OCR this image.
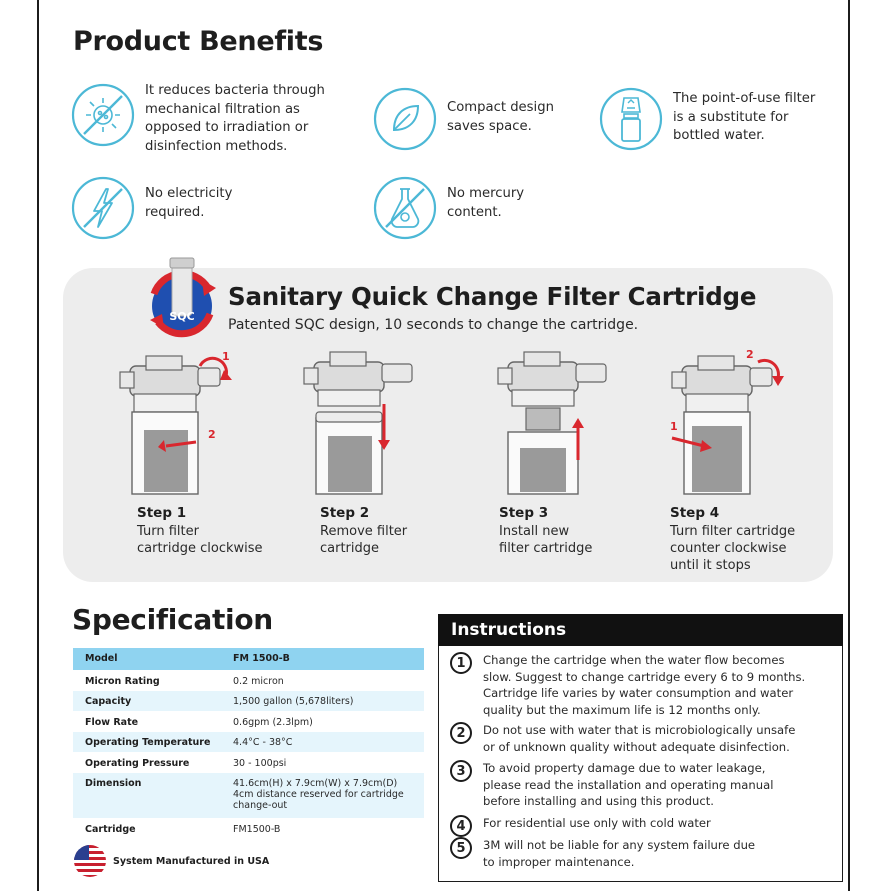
Product Benefits
It reduces bacteria through
mechanical filtration as
opposed to irradiation or
disinfection methods.
Compact design
saves space.
The point-of-use filter
is a substitute for
bottled water.
No electricity
required.
No mercury
content.
SQC
Sanitary Quick Change Filter Cartridge
Patented SQC design, 10 seconds to change the cartridge.
1
2
2
1
Step 1
Turn filter
cartridge clockwise
Step 2
Remove filter
cartridge
Step 3
Install new
filter cartridge
Step 4
Turn filter cartridge
counter clockwise
until it stops
Specification
Model	FM 1500-B
Micron Rating	0.2 micron
Capacity	1,500 gallon (5,678liters)
Flow Rate	0.6gpm (2.3lpm)
Operating Temperature	4.4°C - 38°C
Operating Pressure	30 - 100psi
Dimension	41.6cm(H) x 7.9cm(W) x 7.9cm(D)
4cm distance reserved for cartridge
change-out

Cartridge	FM1500-B
System Manufactured in USA
Instructions
1	Change the cartridge when the water flow becomes
slow. Suggest to change cartridge every 6 to 9 months.
Cartridge life varies by water consumption and water
quality but the maximum life is 12 months only.
2	Do not use with water that is microbiologically unsafe
or of unknown quality without adequate disinfection.
3	To avoid property damage due to water leakage,
please read the installation and operating manual
before installing and using this product.
4	For residential use only with cold water
5	3M will not be liable for any system failure due
to improper maintenance.
